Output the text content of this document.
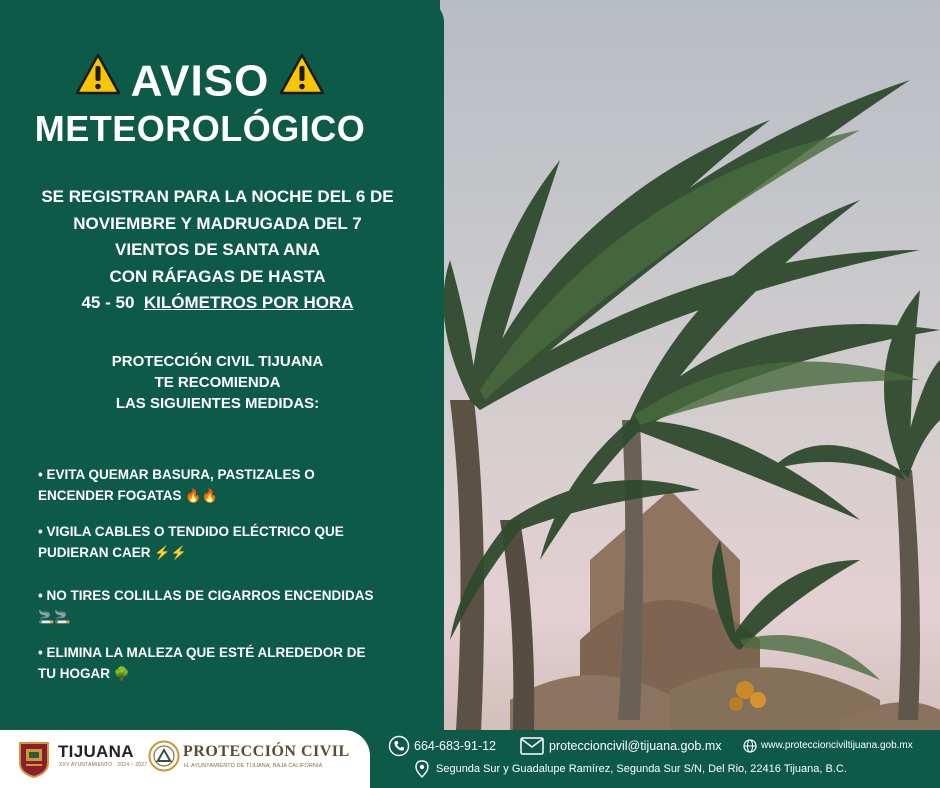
AVISO
METEOROLÓGICO
SE REGISTRAN PARA LA NOCHE DEL 6 DE
NOVIEMBRE Y MADRUGADA DEL 7
VIENTOS DE SANTA ANA
CON RÁFAGAS DE HASTA
45 - 50 KILÓMETROS POR HORA
PROTECCIÓN CIVIL TIJUANA
TE RECOMIENDA
LAS SIGUIENTES MEDIDAS:
• EVITA QUEMAR BASURA, PASTIZALES O
ENCENDER FOGATAS 🔥🔥
• VIGILA CABLES O TENDIDO ELÉCTRICO QUE
PUDIERAN CAER ⚡⚡
• NO TIRES COLILLAS DE CIGARROS ENCENDIDAS
🚬🚬
• ELIMINA LA MALEZA QUE ESTÉ ALREDEDOR DE
TU HOGAR 🌳
TIJUANA
XXV AYUNTAMIENTO · 2024 – 2027
PROTECCIÓN CIVIL
H. AYUNTAMIENTO DE TIJUANA, BAJA CALIFORNIA
664-683-91-12	proteccioncivil@tijuana.gob.mx	www.proteccionciviltijuana.gob.mx
Segunda Sur y Guadalupe Ramírez, Segunda Sur S/N, Del Rio, 22416 Tijuana, B.C.
